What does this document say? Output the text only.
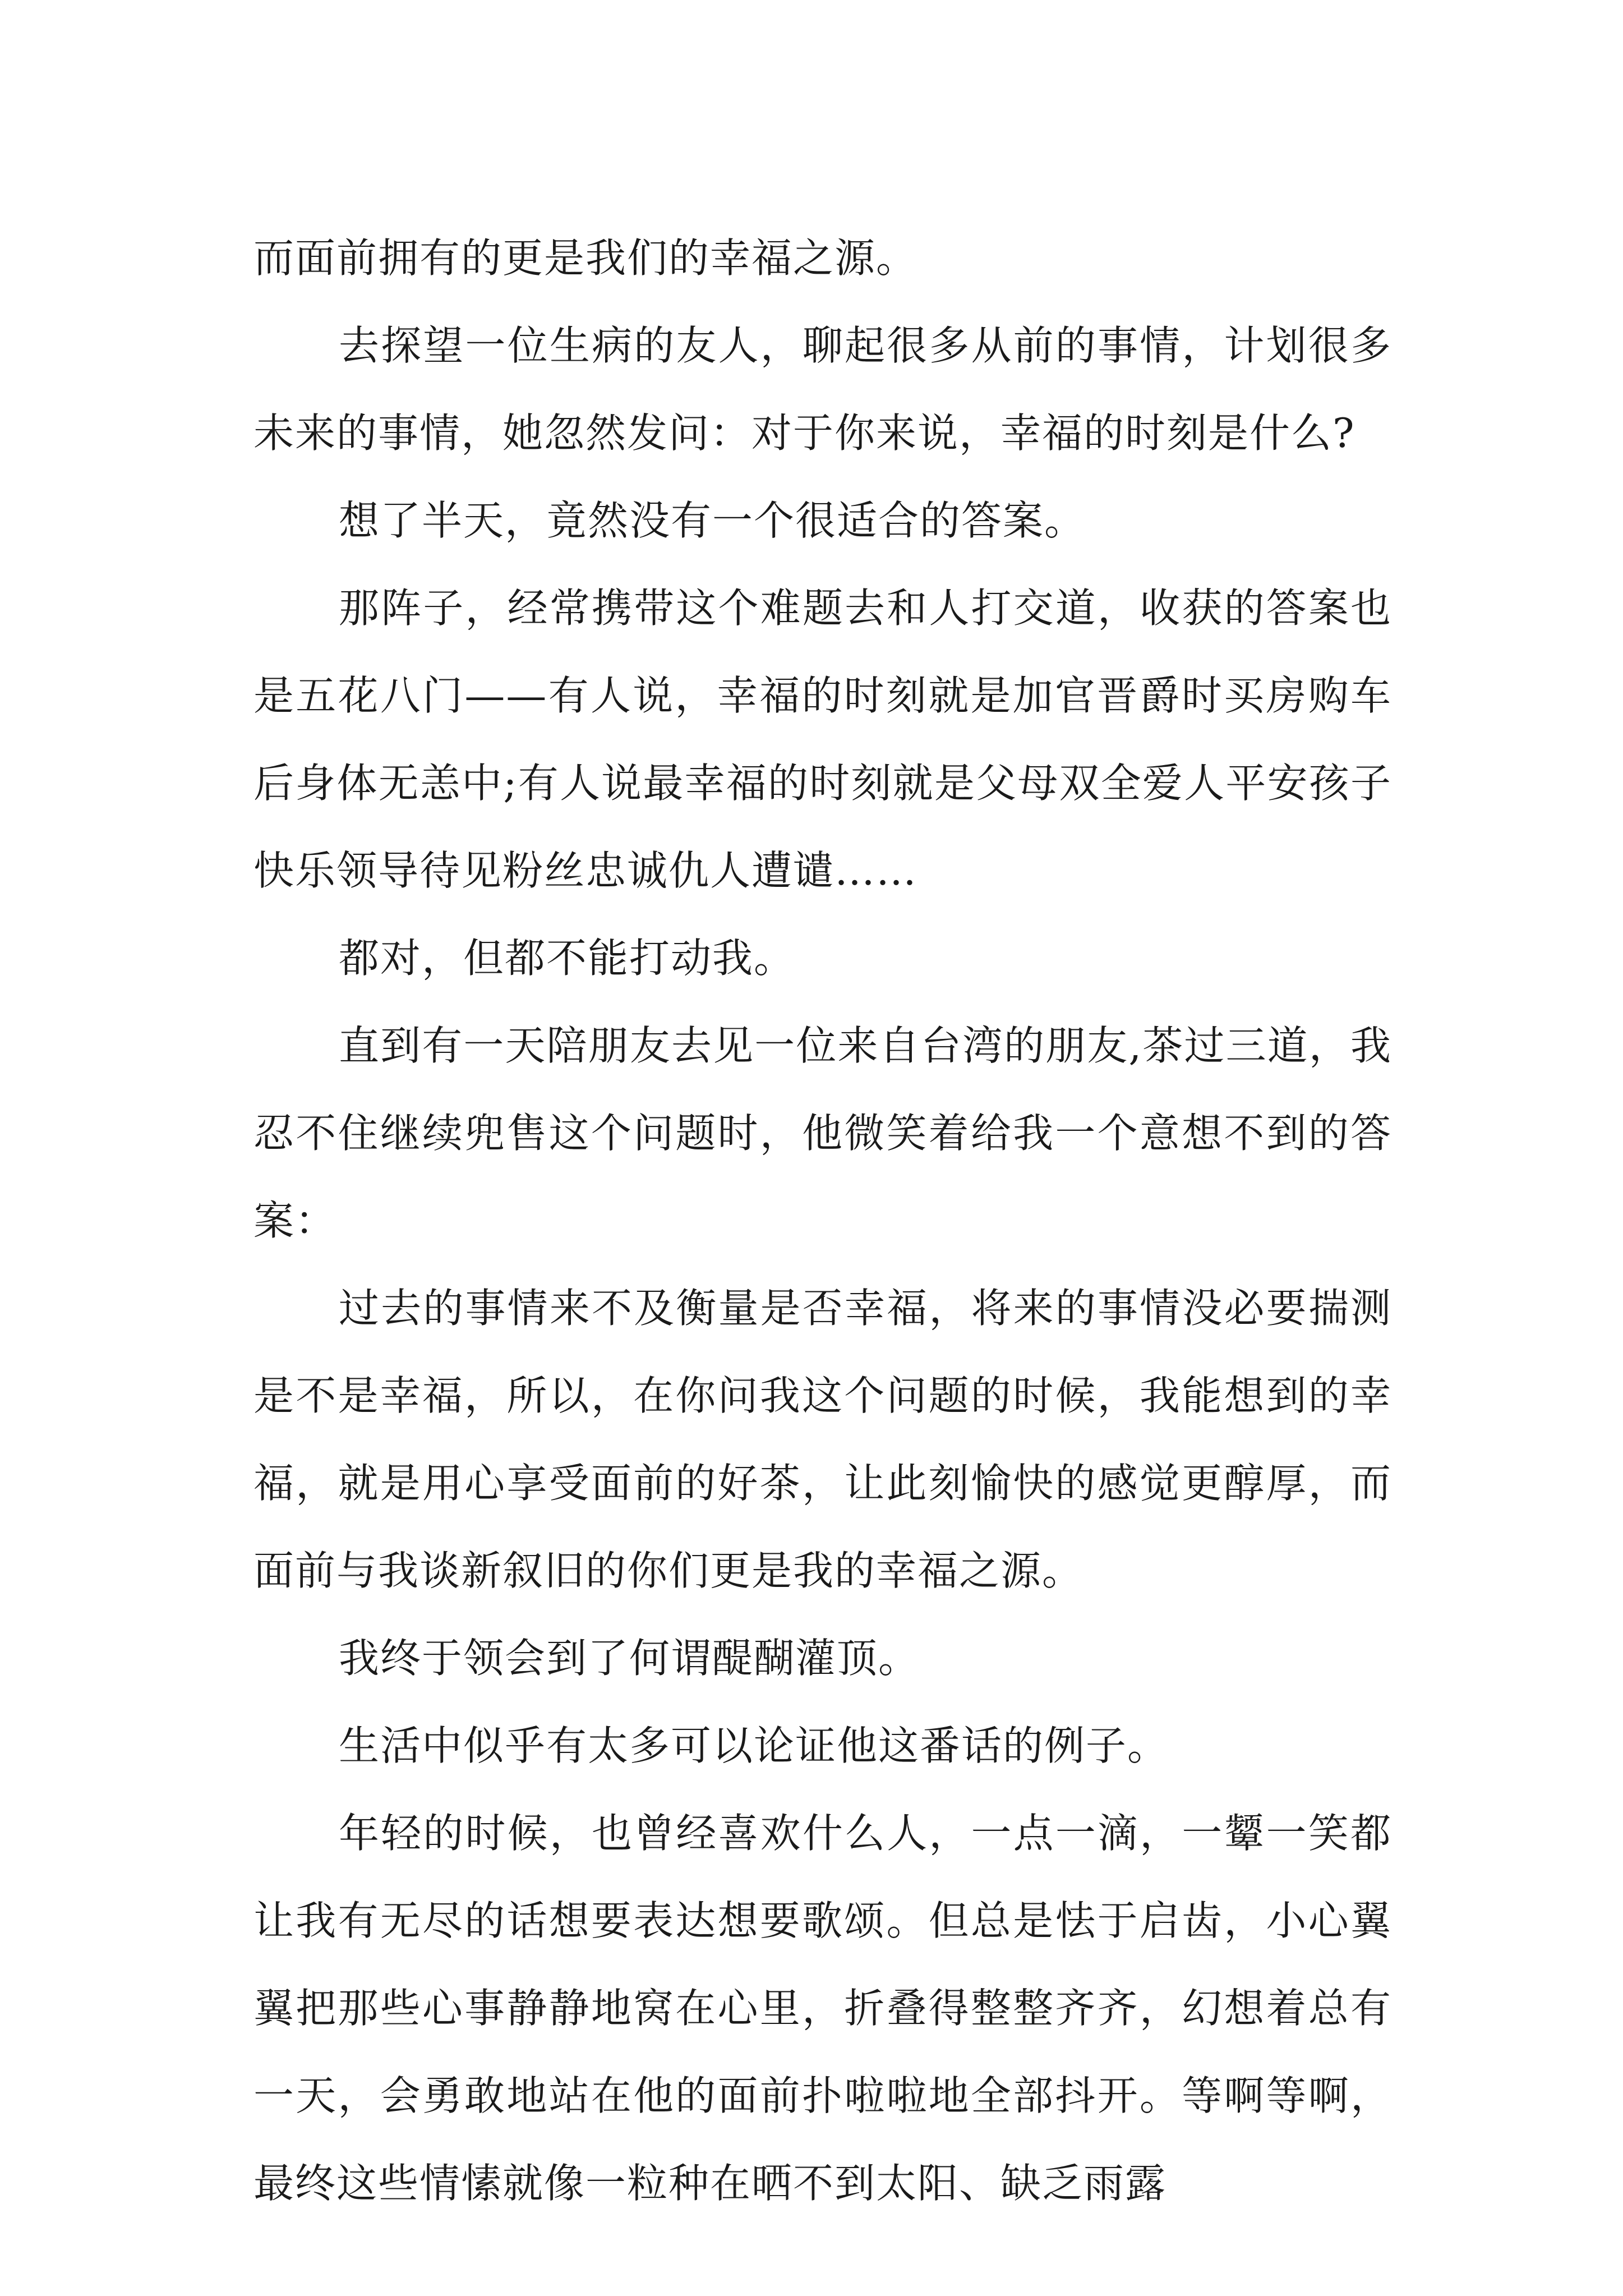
而面前拥有的更是我们的幸福之源。

去探望一位生病的友人，聊起很多从前的事情，计划很多未来的事情，她忽然发问：对于你来说，幸福的时刻是什么?

想了半天，竟然没有一个很适合的答案。

那阵子，经常携带这个难题去和人打交道，收获的答案也是五花八门——有人说，幸福的时刻就是加官晋爵时买房购车后身体无恙中;有人说最幸福的时刻就是父母双全爱人平安孩子快乐领导待见粉丝忠诚仇人遭谴……

都对，但都不能打动我。

直到有一天陪朋友去见一位来自台湾的朋友,茶过三道，我忍不住继续兜售这个问题时，他微笑着给我一个意想不到的答案：

过去的事情来不及衡量是否幸福，将来的事情没必要揣测是不是幸福，所以，在你问我这个问题的时候，我能想到的幸福，就是用心享受面前的好茶，让此刻愉快的感觉更醇厚，而面前与我谈新叙旧的你们更是我的幸福之源。

我终于领会到了何谓醍醐灌顶。

生活中似乎有太多可以论证他这番话的例子。

年轻的时候，也曾经喜欢什么人，一点一滴，一颦一笑都让我有无尽的话想要表达想要歌颂。但总是怯于启齿，小心翼翼把那些心事静静地窝在心里，折叠得整整齐齐，幻想着总有一天，会勇敢地站在他的面前扑啦啦地全部抖开。等啊等啊，最终这些情愫就像一粒种在晒不到太阳、缺乏雨露
